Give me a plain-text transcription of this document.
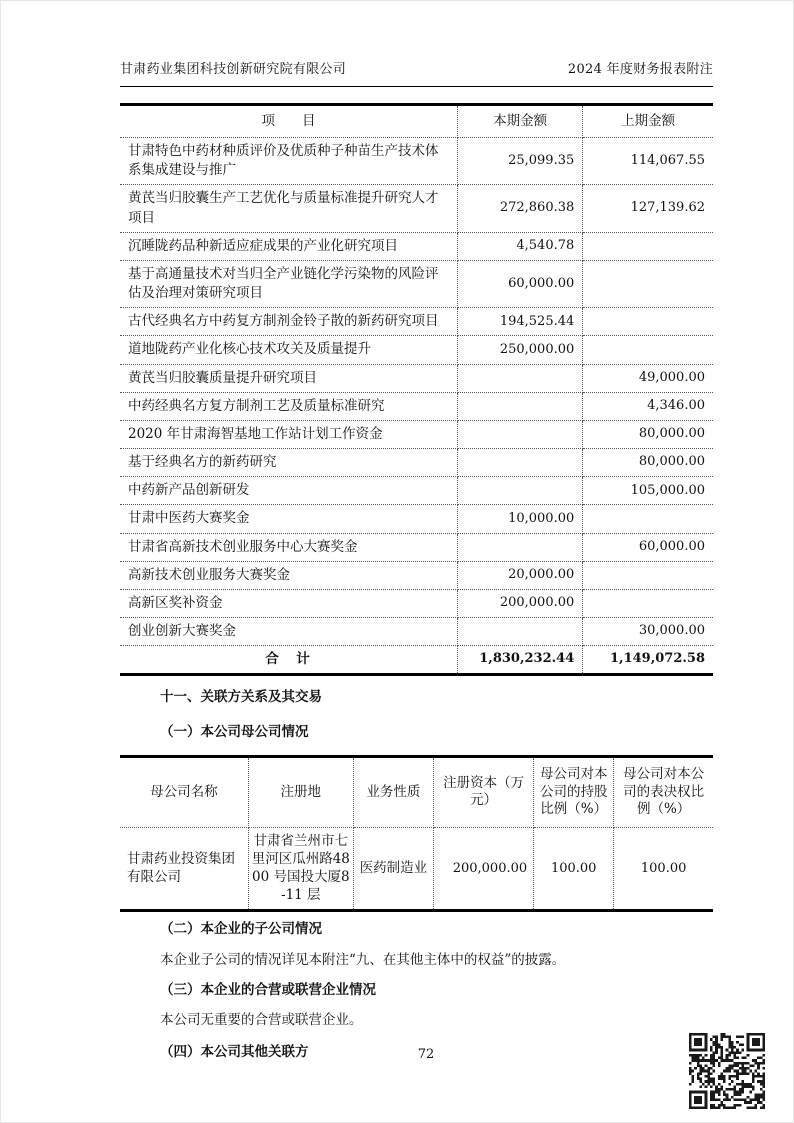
甘肃药业集团科技创新研究院有限公司	2024 年度财务报表附注
项　　目	本期金额	上期金额
甘肃特色中药材种质评价及优质种子种苗生产技术体系集成建设与推广	25,099.35	114,067.55
黄芪当归胶囊生产工艺优化与质量标准提升研究人才项目	272,860.38	127,139.62
沉睡陇药品种新适应症成果的产业化研究项目	4,540.78	
基于高通量技术对当归全产业链化学污染物的风险评估及治理对策研究项目	60,000.00	
古代经典名方中药复方制剂金铃子散的新药研究项目	194,525.44	
道地陇药产业化核心技术攻关及质量提升	250,000.00	
黄芪当归胶囊质量提升研究项目		49,000.00
中药经典名方复方制剂工艺及质量标准研究		4,346.00
2020 年甘肃海智基地工作站计划工作资金		80,000.00
基于经典名方的新药研究		80,000.00
中药新产品创新研发		105,000.00
甘肃中医药大赛奖金	10,000.00	
甘肃省高新技术创业服务中心大赛奖金		60,000.00
高新技术创业服务大赛奖金	20,000.00	
高新区奖补资金	200,000.00	
创业创新大赛奖金		30,000.00
合　计	1,830,232.44	1,149,072.58

十一、关联方关系及其交易

（一）本公司母公司情况

母公司名称	注册地	业务性质	注册资本（万元）	母公司对本公司的持股比例（%）	母公司对本公司的表决权比例（%）
甘肃药业投资集团有限公司	甘肃省兰州市七里河区瓜州路4800 号国投大厦8-11 层	医药制造业	200,000.00	100.00	100.00

（二）本企业的子公司情况

本企业子公司的情况详见本附注“九、在其他主体中的权益”的披露。

（三）本企业的合营或联营企业情况

本公司无重要的合营或联营企业。

（四）本公司其他关联方	72
